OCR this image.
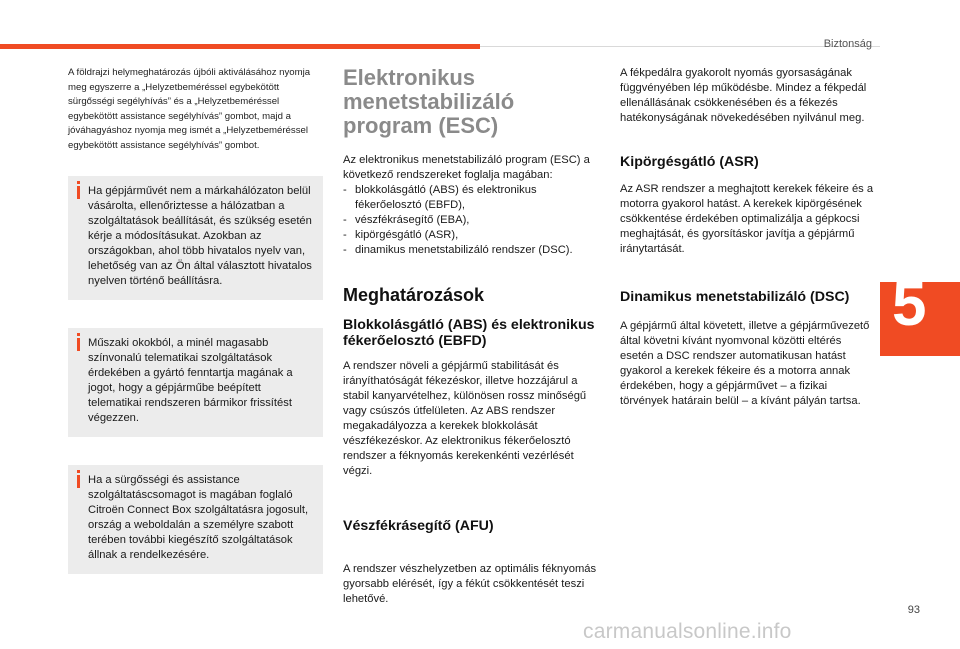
Biztonság
5

A földrajzi helymeghatározás újbóli aktiválásához nyomja meg egyszerre a „Helyzetbeméréssel egybekötött sürgősségi segélyhívás” és a „Helyzetbeméréssel egybekötött assistance segélyhívás” gombot, majd a jóváhagyáshoz nyomja meg ismét a „Helyzetbeméréssel egybekötött assistance segélyhívás” gombot.

Ha gépjárművét nem a márkahálózaton belül vásárolta, ellenőriztesse a hálózatban a szolgáltatások beállítását, és szükség esetén kérje a módosításukat. Azokban az országokban, ahol több hivatalos nyelv van, lehetőség van az Ön által választott hivatalos nyelven történő beállításra.

Műszaki okokból, a minél magasabb színvonalú telematikai szolgáltatások érdekében a gyártó fenntartja magának a jogot, hogy a gépjárműbe beépített telematikai rendszeren bármikor frissítést végezzen.

Ha a sürgősségi és assistance szolgáltatáscsomagot is magában foglaló Citroën Connect Box szolgáltatásra jogosult, ország a weboldalán a személyre szabott terében további kiegészítő szolgáltatások állnak a rendelkezésére.

Elektronikus menetstabilizáló program (ESC)

Az elektronikus menetstabilizáló program (ESC) a következő rendszereket foglalja magában:

- blokkolásgátló (ABS) és elektronikus fékerőelosztó (EBFD),
- vészfékrásegítő (EBA),
- kipörgésgátló (ASR),
- dinamikus menetstabilizáló rendszer (DSC).
Meghatározások
Blokkolásgátló (ABS) és elektronikus fékerőelosztó (EBFD)

A rendszer növeli a gépjármű stabilitását és irányíthatóságát fékezéskor, illetve hozzájárul a stabil kanyarvételhez, különösen rossz minőségű vagy csúszós útfelületen. Az ABS rendszer megakadályozza a kerekek blokkolását vészfékezéskor. Az elektronikus fékerőelosztó rendszer a féknyomás kerekenkénti vezérlését végzi.

Vészfékrásegítő (AFU)

A rendszer vészhelyzetben az optimális féknyomás gyorsabb elérését, így a fékút csökkentését teszi lehetővé.

A fékpedálra gyakorolt nyomás gyorsaságának függvényében lép működésbe. Mindez a fékpedál ellenállásának csökkenésében és a fékezés hatékonyságának növekedésében nyilvánul meg.

Kipörgésgátló (ASR)

Az ASR rendszer a meghajtott kerekek fékeire és a motorra gyakorol hatást. A kerekek kipörgésének csökkentése érdekében optimalizálja a gépkocsi meghajtását, és gyorsításkor javítja a gépjármű iránytartását.

Dinamikus menetstabilizáló (DSC)

A gépjármű által követett, illetve a gépjárművezető által követni kívánt nyomvonal közötti eltérés esetén a DSC rendszer automatikusan hatást gyakorol a kerekek fékeire és a motorra annak érdekében, hogy a gépjárművet – a fizikai törvények határain belül – a kívánt pályán tartsa.

93
carmanualsonline.info
